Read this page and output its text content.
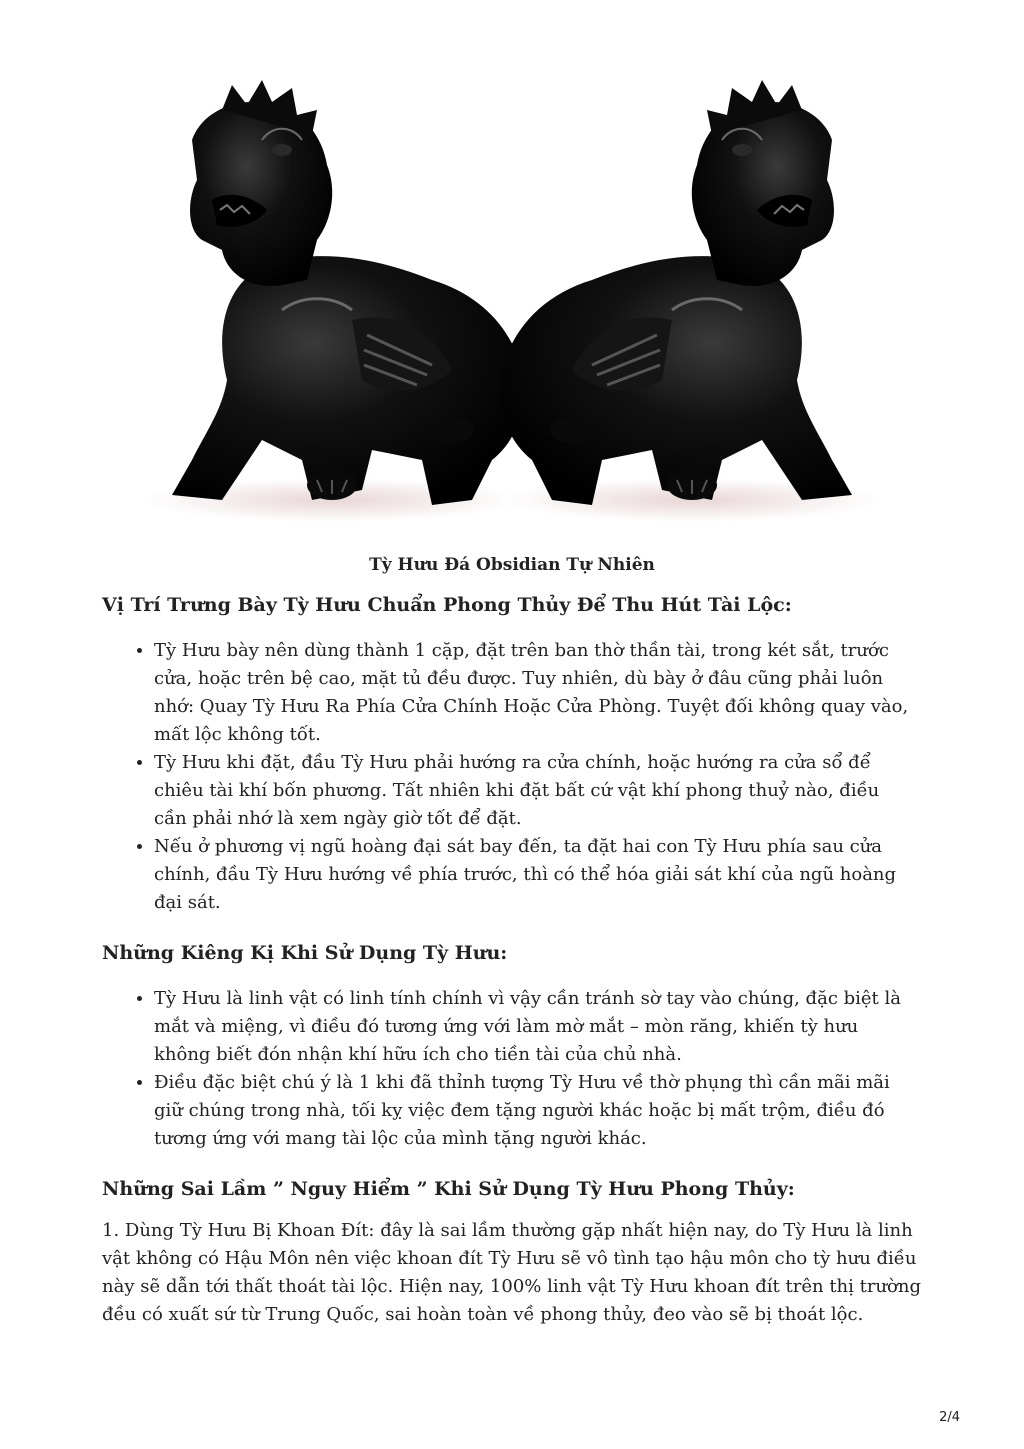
Tỳ Hưu Đá Obsidian Tự Nhiên
Vị Trí Trưng Bày Tỳ Hưu Chuẩn Phong Thủy Để Thu Hút Tài Lộc:
• Tỳ Hưu bày nên dùng thành 1 cặp, đặt trên ban thờ thần tài, trong két sắt, trước cửa, hoặc trên bệ cao, mặt tủ đều được. Tuy nhiên, dù bày ở đâu cũng phải luôn nhớ: Quay Tỳ Hưu Ra Phía Cửa Chính Hoặc Cửa Phòng. Tuyệt đối không quay vào, mất lộc không tốt.
• Tỳ Hưu khi đặt, đầu Tỳ Hưu phải hướng ra cửa chính, hoặc hướng ra cửa sổ để chiêu tài khí bốn phương. Tất nhiên khi đặt bất cứ vật khí phong thuỷ nào, điều cần phải nhớ là xem ngày giờ tốt để đặt.
• Nếu ở phương vị ngũ hoàng đại sát bay đến, ta đặt hai con Tỳ Hưu phía sau cửa chính, đầu Tỳ Hưu hướng về phía trước, thì có thể hóa giải sát khí của ngũ hoàng đại sát.
Những Kiêng Kị Khi Sử Dụng Tỳ Hưu:
• Tỳ Hưu là linh vật có linh tính chính vì vậy cần tránh sờ tay vào chúng, đặc biệt là mắt và miệng, vì điều đó tương ứng với làm mờ mắt – mòn răng, khiến tỳ hưu không biết đón nhận khí hữu ích cho tiền tài của chủ nhà.
• Điều đặc biệt chú ý là 1 khi đã thỉnh tượng Tỳ Hưu về thờ phụng thì cần mãi mãi giữ chúng trong nhà, tối kỵ việc đem tặng người khác hoặc bị mất trộm, điều đó tương ứng với mang tài lộc của mình tặng người khác.
Những Sai Lầm ” Nguy Hiểm ” Khi Sử Dụng Tỳ Hưu Phong Thủy:

1. Dùng Tỳ Hưu Bị Khoan Đít: đây là sai lầm thường gặp nhất hiện nay, do Tỳ Hưu là linh vật không có Hậu Môn nên việc khoan đít Tỳ Hưu sẽ vô tình tạo hậu môn cho tỳ hưu điều này sẽ dẫn tới thất thoát tài lộc. Hiện nay, 100% linh vật Tỳ Hưu khoan đít trên thị trường đều có xuất sứ từ Trung Quốc, sai hoàn toàn về phong thủy, đeo vào sẽ bị thoát lộc.

2/4
